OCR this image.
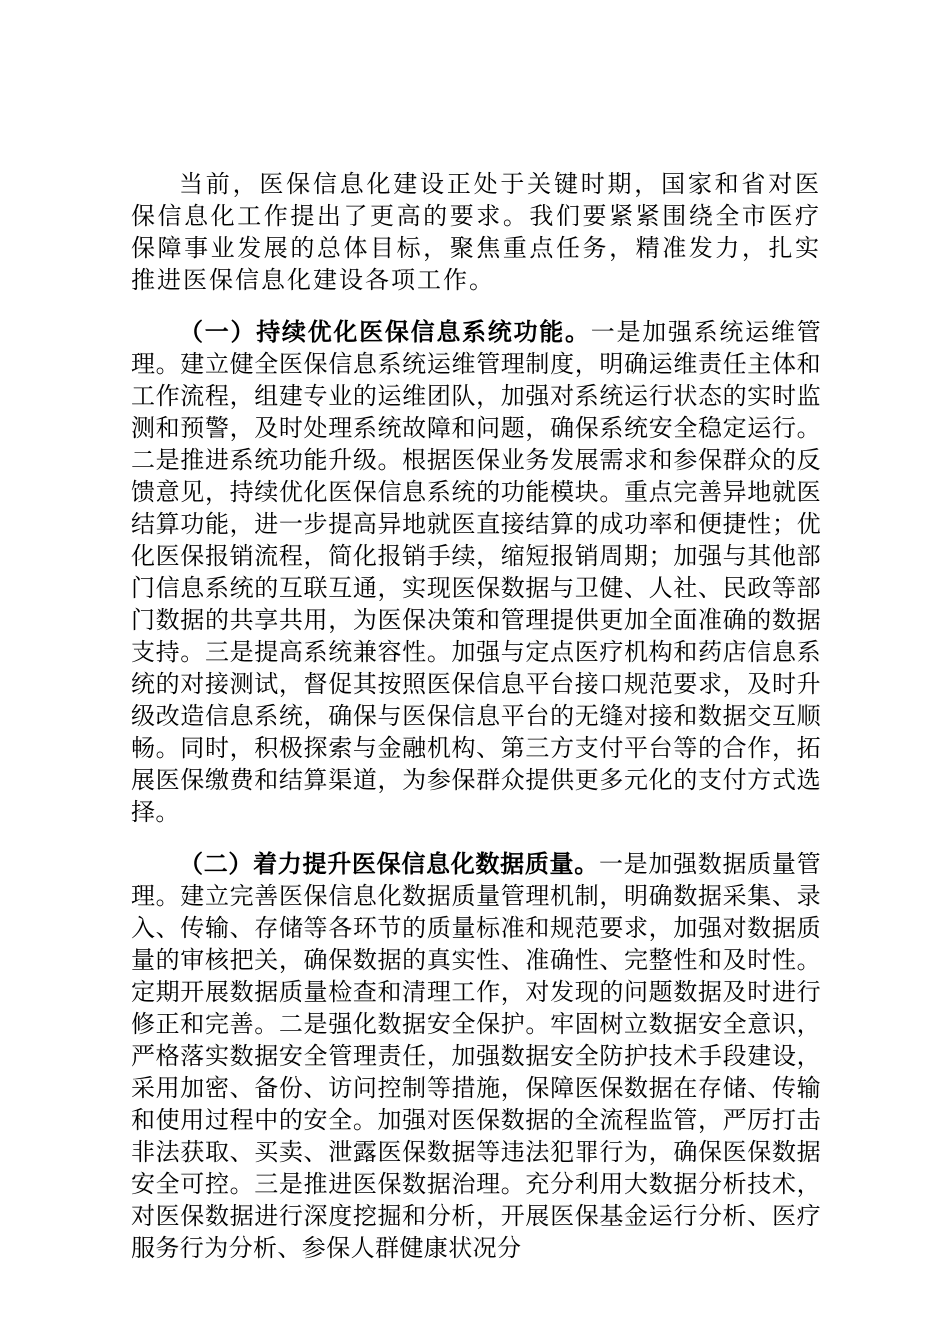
当前，医保信息化建设正处于关键时期，国家和省对医保信息化工作提出了更高的要求。我们要紧紧围绕全市医疗保障事业发展的总体目标，聚焦重点任务，精准发力，扎实推进医保信息化建设各项工作。

（一）持续优化医保信息系统功能。一是加强系统运维管理。建立健全医保信息系统运维管理制度，明确运维责任主体和工作流程，组建专业的运维团队，加强对系统运行状态的实时监测和预警，及时处理系统故障和问题，确保系统安全稳定运行。二是推进系统功能升级。根据医保业务发展需求和参保群众的反馈意见，持续优化医保信息系统的功能模块。重点完善异地就医结算功能，进一步提高异地就医直接结算的成功率和便捷性；优化医保报销流程，简化报销手续，缩短报销周期；加强与其他部门信息系统的互联互通，实现医保数据与卫健、人社、民政等部门数据的共享共用，为医保决策和管理提供更加全面准确的数据支持。三是提高系统兼容性。加强与定点医疗机构和药店信息系统的对接测试，督促其按照医保信息平台接口规范要求，及时升级改造信息系统，确保与医保信息平台的无缝对接和数据交互顺畅。同时，积极探索与金融机构、第三方支付平台等的合作，拓展医保缴费和结算渠道，为参保群众提供更多元化的支付方式选择。

（二）着力提升医保信息化数据质量。一是加强数据质量管理。建立完善医保信息化数据质量管理机制，明确数据采集、录入、传输、存储等各环节的质量标准和规范要求，加强对数据质量的审核把关，确保数据的真实性、准确性、完整性和及时性。定期开展数据质量检查和清理工作，对发现的问题数据及时进行修正和完善。二是强化数据安全保护。牢固树立数据安全意识，严格落实数据安全管理责任，加强数据安全防护技术手段建设，采用加密、备份、访问控制等措施，保障医保数据在存储、传输和使用过程中的安全。加强对医保数据的全流程监管，严厉打击非法获取、买卖、泄露医保数据等违法犯罪行为，确保医保数据安全可控。三是推进医保数据治理。充分利用大数据分析技术，对医保数据进行深度挖掘和分析，开展医保基金运行分析、医疗服务行为分析、参保人群健康状况分
